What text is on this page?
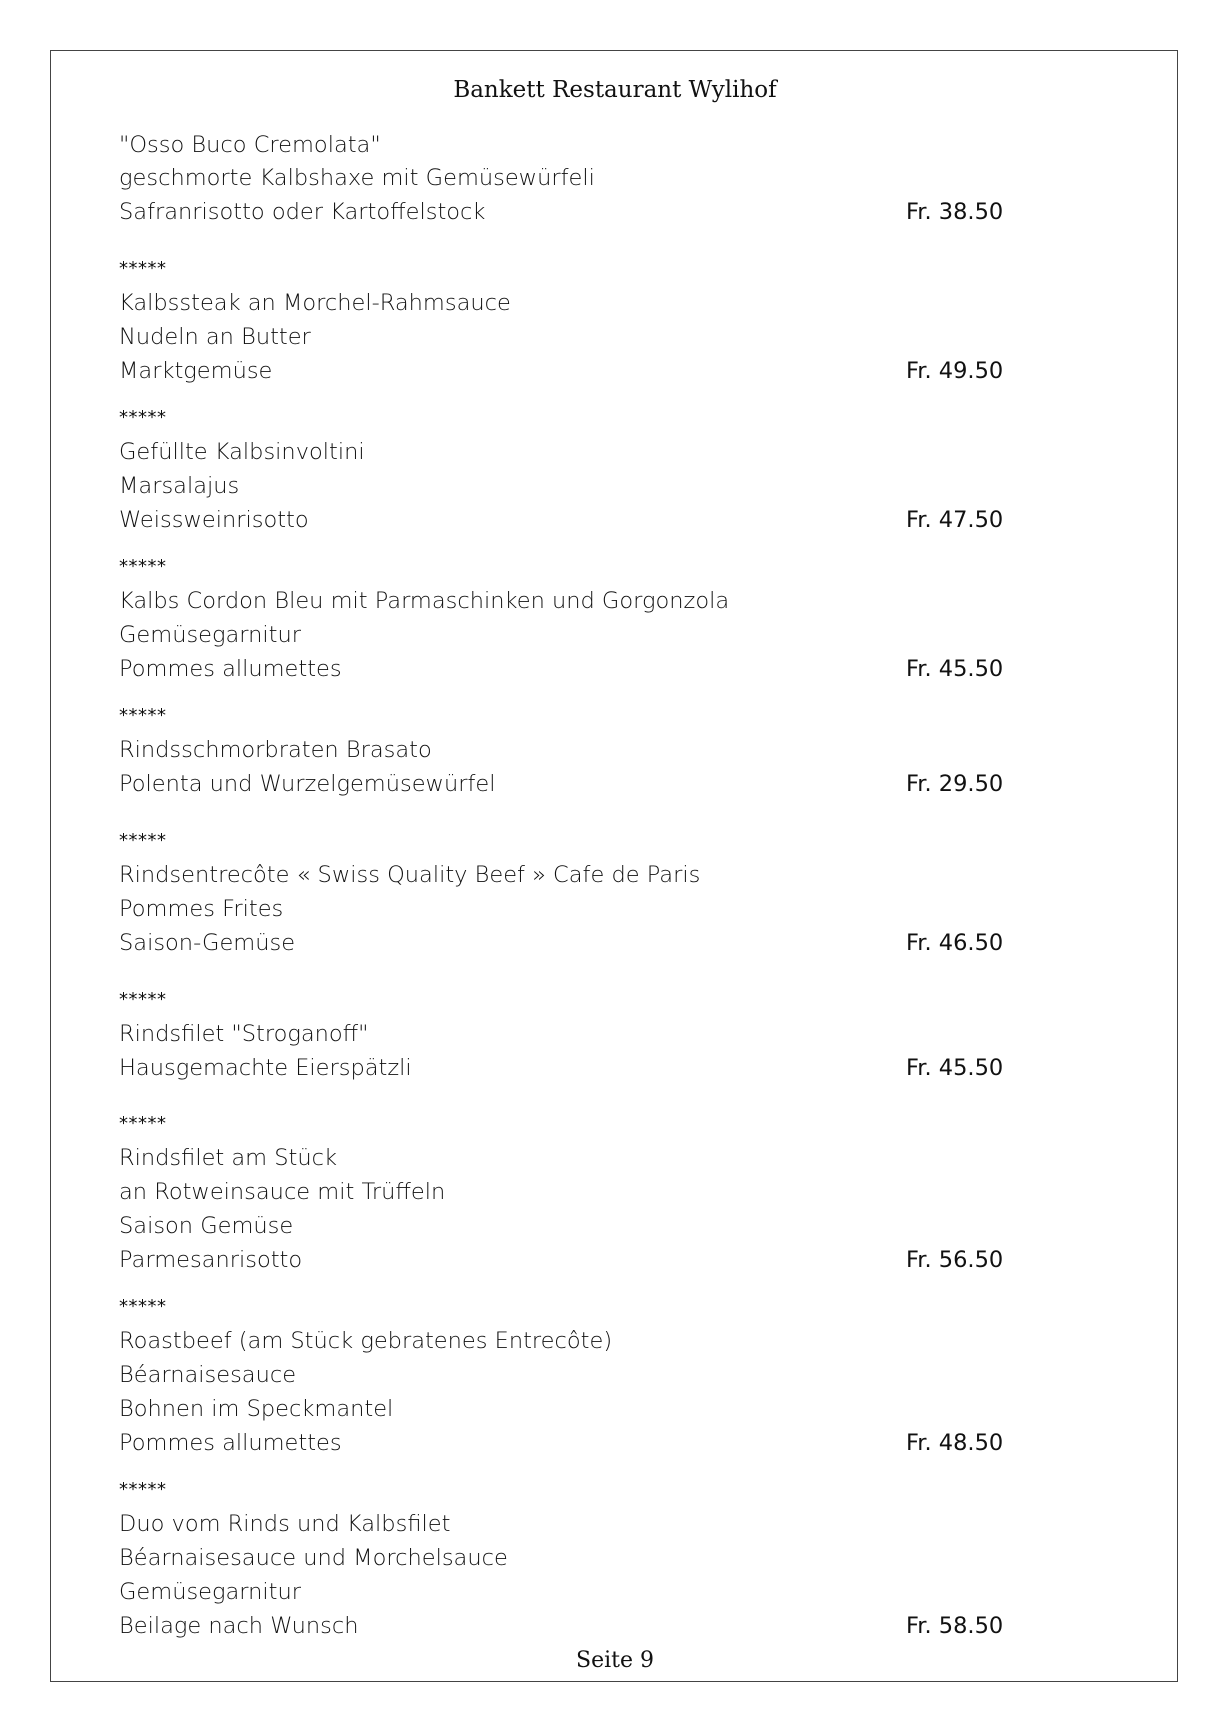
Bankett Restaurant Wylihof
"Osso Buco Cremolata"
geschmorte Kalbshaxe mit Gemüsewürfeli
Safranrisotto oder Kartoffelstock	Fr. 38.50
*****
Kalbssteak an Morchel-Rahmsauce
Nudeln an Butter
Marktgemüse	Fr. 49.50
*****
Gefüllte Kalbsinvoltini
Marsalajus
Weissweinrisotto	Fr. 47.50
*****
Kalbs Cordon Bleu mit Parmaschinken und Gorgonzola
Gemüsegarnitur
Pommes allumettes	Fr. 45.50
*****
Rindsschmorbraten Brasato
Polenta und Wurzelgemüsewürfel	Fr. 29.50
*****
Rindsentrecôte « Swiss Quality Beef » Cafe de Paris
Pommes Frites
Saison-Gemüse	Fr. 46.50
*****
Rindsfilet "Stroganoff"
Hausgemachte Eierspätzli	Fr. 45.50
*****
Rindsfilet am Stück
an Rotweinsauce mit Trüffeln
Saison Gemüse
Parmesanrisotto	Fr. 56.50
*****
Roastbeef (am Stück gebratenes Entrecôte)
Béarnaisesauce
Bohnen im Speckmantel
Pommes allumettes	Fr. 48.50
*****
Duo vom Rinds und Kalbsfilet
Béarnaisesauce und Morchelsauce
Gemüsegarnitur
Beilage nach Wunsch	Fr. 58.50
Seite 9
